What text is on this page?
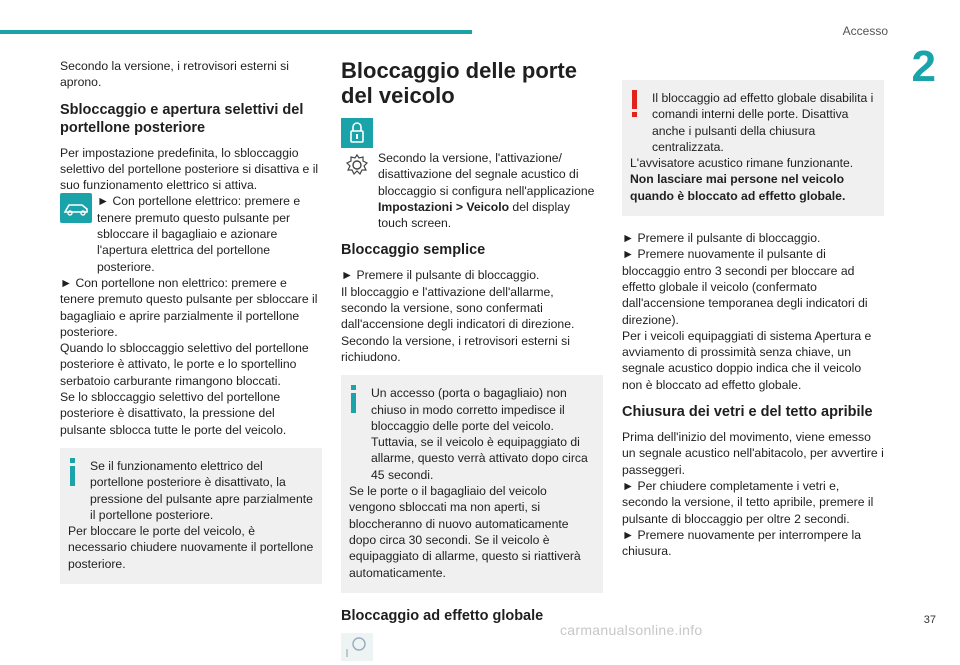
Accesso
2

Secondo la versione, i retrovisori esterni si aprono.

Sbloccaggio e apertura selettivi del portellone posteriore

Per impostazione predefinita, lo sbloccaggio selettivo del portellone posteriore si disattiva e il suo funzionamento elettrico si attiva.

► Con portellone elettrico: premere e tenere premuto questo pulsante per sbloccare il bagagliaio e azionare l'apertura elettrica del portellone posteriore.

► Con portellone non elettrico: premere e tenere premuto questo pulsante per sbloccare il bagagliaio e aprire parzialmente il portellone posteriore.

Quando lo sbloccaggio selettivo del portellone posteriore è attivato, le porte e lo sportellino serbatoio carburante rimangono bloccati.

Se lo sbloccaggio selettivo del portellone posteriore è disattivato, la pressione del pulsante sblocca tutte le porte del veicolo.

Se il funzionamento elettrico del portellone posteriore è disattivato, la pressione del pulsante apre parzialmente il portellone posteriore.

Per bloccare le porte del veicolo, è necessario chiudere nuovamente il portellone posteriore.

Bloccaggio delle porte del veicolo

Secondo la versione, l'attivazione/ disattivazione del segnale acustico di bloccaggio si configura nell'applicazione Impostazioni > Veicolo del display touch screen.

Bloccaggio semplice

► Premere il pulsante di bloccaggio.

Il bloccaggio e l'attivazione dell'allarme, secondo la versione, sono confermati dall'accensione degli indicatori di direzione.

Secondo la versione, i retrovisori esterni si richiudono.

Un accesso (porta o bagagliaio) non chiuso in modo corretto impedisce il bloccaggio delle porte del veicolo. Tuttavia, se il veicolo è equipaggiato di allarme, questo verrà attivato dopo circa 45 secondi.

Se le porte o il bagagliaio del veicolo vengono sbloccati ma non aperti, si bloccheranno di nuovo automaticamente dopo circa 30 secondi. Se il veicolo è equipaggiato di allarme, questo si riattiverà automaticamente.

Bloccaggio ad effetto globale

Il bloccaggio ad effetto globale disabilita i comandi interni delle porte. Disattiva anche i pulsanti della chiusura centralizzata.

L'avvisatore acustico rimane funzionante.

Non lasciare mai persone nel veicolo quando è bloccato ad effetto globale.

► Premere il pulsante di bloccaggio.

► Premere nuovamente il pulsante di bloccaggio entro 3 secondi per bloccare ad effetto globale il veicolo (confermato dall'accensione temporanea degli indicatori di direzione).

Per i veicoli equipaggiati di sistema Apertura e avviamento di prossimità senza chiave, un segnale acustico doppio indica che il veicolo non è bloccato ad effetto globale.

Chiusura dei vetri e del tetto apribile

Prima dell'inizio del movimento, viene emesso un segnale acustico nell'abitacolo, per avvertire i passeggeri.

► Per chiudere completamente i vetri e, secondo la versione, il tetto apribile, premere il pulsante di bloccaggio per oltre 2 secondi.

► Premere nuovamente per interrompere la chiusura.

carmanualsonline.info
37
